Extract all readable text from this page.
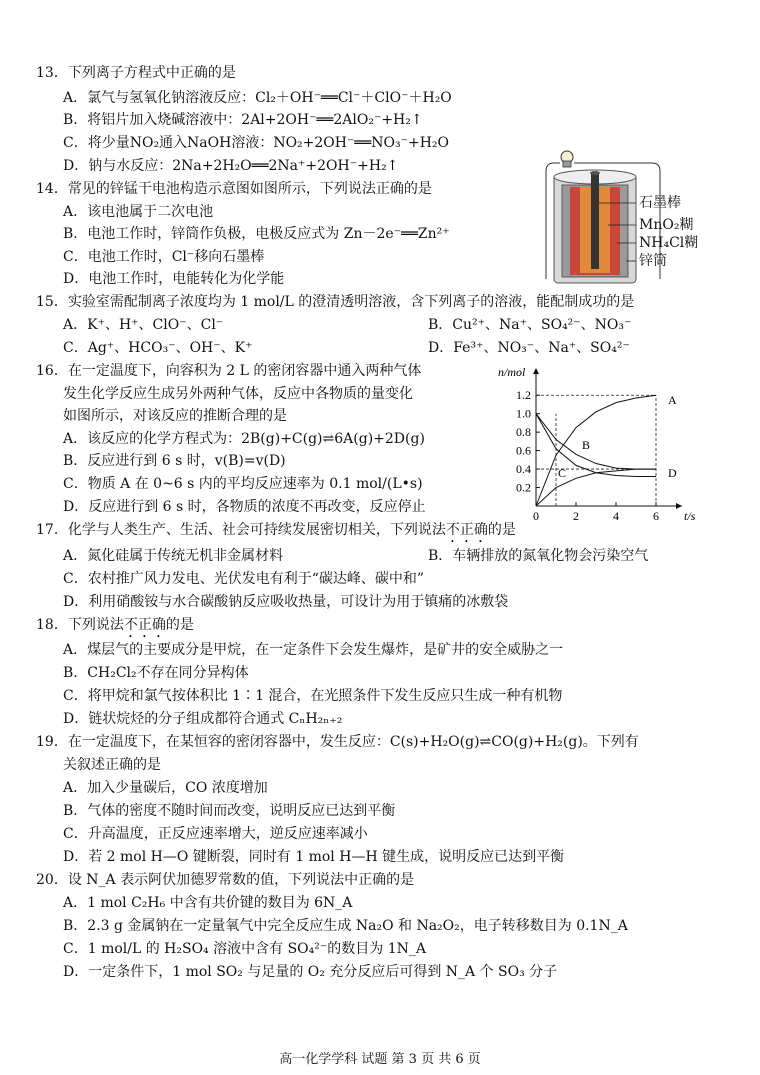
13．下列离子方程式中正确的是
A．氯气与氢氧化钠溶液反应：Cl₂＋OH⁻══Cl⁻＋ClO⁻＋H₂O
B．将铝片加入烧碱溶液中：2Al+2OH⁻══2AlO₂⁻+H₂↑
C．将少量NO₂通入NaOH溶液：NO₂+2OH⁻══NO₃⁻+H₂O
D．钠与水反应：2Na+2H₂O══2Na⁺+2OH⁻+H₂↑
14．常见的锌锰干电池构造示意图如图所示，下列说法正确的是
A．该电池属于二次电池
B．电池工作时，锌筒作负极，电极反应式为 Zn－2e⁻══Zn²⁺
C．电池工作时，Cl⁻移向石墨棒
D．电池工作时，电能转化为化学能
石墨棒
MnO₂糊
NH₄Cl糊
锌筒
15．实验室需配制离子浓度均为 1 mol/L 的澄清透明溶液，含下列离子的溶液，能配制成功的是
A．K⁺、H⁺、ClO⁻、Cl⁻	B．Cu²⁺、Na⁺、SO₄²⁻、NO₃⁻
C．Ag⁺、HCO₃⁻、OH⁻、K⁺	D．Fe³⁺、NO₃⁻、Na⁺、SO₄²⁻
16．在一定温度下，向容积为 2 L 的密闭容器中通入两种气体
发生化学反应生成另外两种气体，反应中各物质的量变化
如图所示，对该反应的推断合理的是
A．该反应的化学方程式为：2B(g)+C(g)⇌6A(g)+2D(g)
B．反应进行到 6 s 时，v(B)=v(D)
C．物质 A 在 0~6 s 内的平均反应速率为 0.1 mol/(L•s)
D．反应进行到 6 s 时，各物质的浓度不再改变，反应停止
0.2
0.4
0.6
0.8
1.0
1.2
0	2	4	6
n/mol
t/s
A
B
C	D
17．化学与人类生产、生活、社会可持续发展密切相关，下列说法不正确的是
A．氮化硅属于传统无机非金属材料	B．车辆排放的氮氧化物会污染空气
C．农村推广风力发电、光伏发电有利于“碳达峰、碳中和”
D．利用硝酸铵与水合碳酸钠反应吸收热量，可设计为用于镇痛的冰敷袋
18．下列说法不正确的是
A．煤层气的主要成分是甲烷，在一定条件下会发生爆炸，是矿井的安全威胁之一
B．CH₂Cl₂不存在同分异构体
C．将甲烷和氯气按体积比 1∶1 混合，在光照条件下发生反应只生成一种有机物
D．链状烷烃的分子组成都符合通式 CₙH₂ₙ₊₂
19．在一定温度下，在某恒容的密闭容器中，发生反应：C(s)+H₂O(g)⇌CO(g)+H₂(g)。下列有
关叙述正确的是
A．加入少量碳后，CO 浓度增加
B．气体的密度不随时间而改变，说明反应已达到平衡
C．升高温度，正反应速率增大，逆反应速率减小
D．若 2 mol H—O 键断裂，同时有 1 mol H—H 键生成，说明反应已达到平衡
20．设 N_A 表示阿伏加德罗常数的值，下列说法中正确的是
A．1 mol C₂H₆ 中含有共价键的数目为 6N_A
B．2.3 g 金属钠在一定量氧气中完全反应生成 Na₂O 和 Na₂O₂，电子转移数目为 0.1N_A
C．1 mol/L 的 H₂SO₄ 溶液中含有 SO₄²⁻的数目为 1N_A
D．一定条件下，1 mol SO₂ 与足量的 O₂ 充分反应后可得到 N_A 个 SO₃ 分子
高一化学学科 试题 第 3 页 共 6 页
